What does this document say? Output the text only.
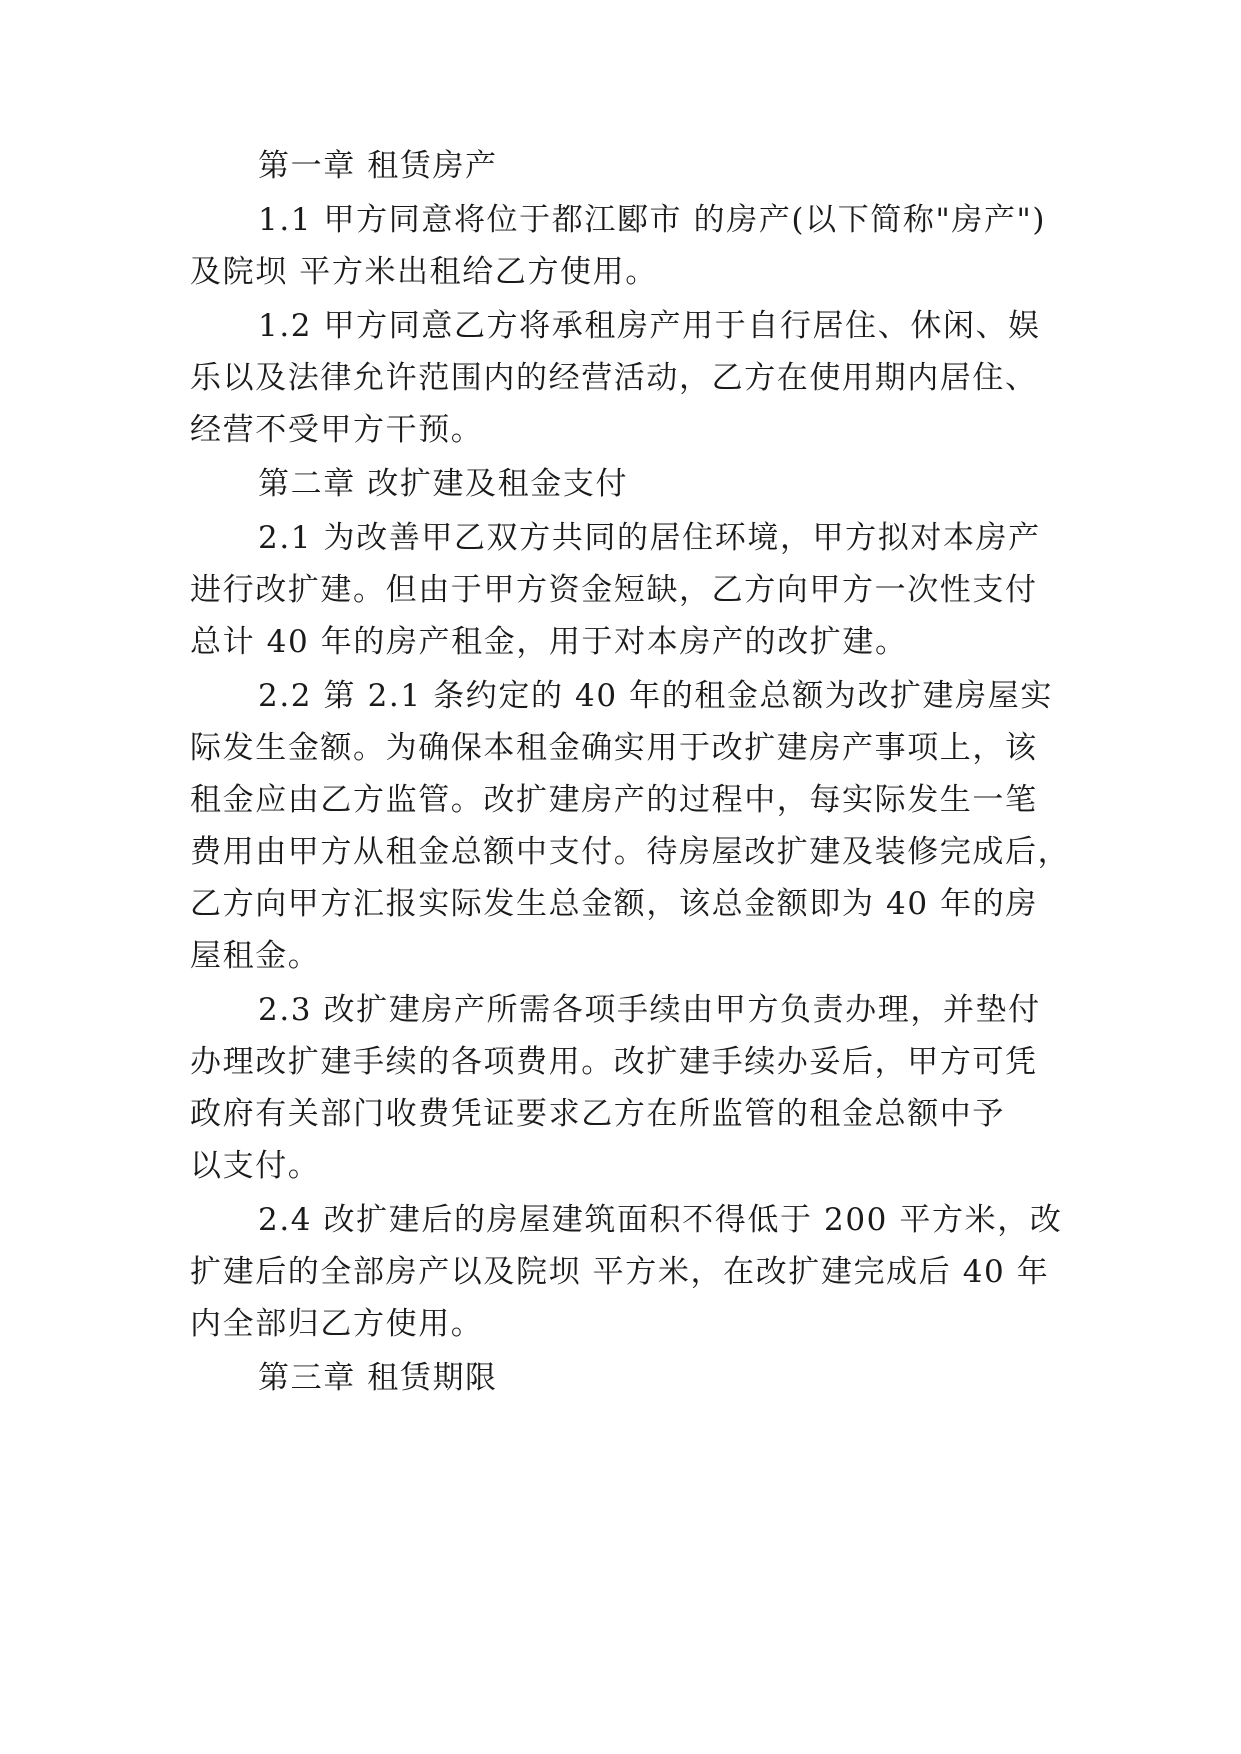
第一章 租赁房产

1.1 甲方同意将位于都江郾市 的房产(以下简称"房产")

及院坝 平方米出租给乙方使用。

1.2 甲方同意乙方将承租房产用于自行居住、休闲、娱

乐以及法律允许范围内的经营活动，乙方在使用期内居住、

经营不受甲方干预。

第二章 改扩建及租金支付

2.1 为改善甲乙双方共同的居住环境，甲方拟对本房产

进行改扩建。但由于甲方资金短缺，乙方向甲方一次性支付

总计 40 年的房产租金，用于对本房产的改扩建。

2.2 第 2.1 条约定的 40 年的租金总额为改扩建房屋实

际发生金额。为确保本租金确实用于改扩建房产事项上，该

租金应由乙方监管。改扩建房产的过程中，每实际发生一笔

费用由甲方从租金总额中支付。待房屋改扩建及装修完成后，

乙方向甲方汇报实际发生总金额，该总金额即为 40 年的房

屋租金。

2.3 改扩建房产所需各项手续由甲方负责办理，并垫付

办理改扩建手续的各项费用。改扩建手续办妥后，甲方可凭

政府有关部门收费凭证要求乙方在所监管的租金总额中予

以支付。

2.4 改扩建后的房屋建筑面积不得低于 200 平方米，改

扩建后的全部房产以及院坝 平方米，在改扩建完成后 40 年

内全部归乙方使用。

第三章 租赁期限
